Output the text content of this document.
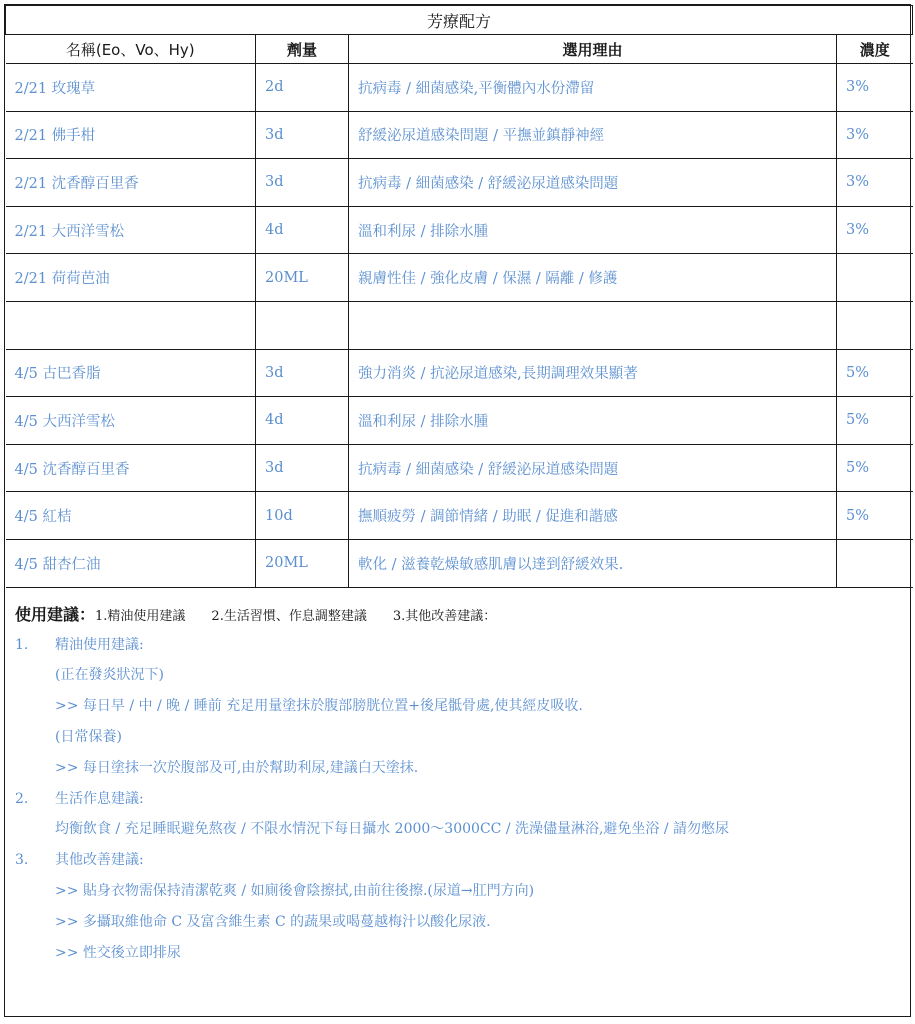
芳療配方			
名稱(Eo、Vo、Hy)	劑量	選用理由	濃度
2/21 玫瑰草	2d	抗病毒 / 細菌感染,平衡體內水份滯留	3%
2/21 佛手柑	3d	舒緩泌尿道感染問題 / 平撫並鎮靜神經	3%
2/21 沈香醇百里香	3d	抗病毒 / 細菌感染 / 舒緩泌尿道感染問題	3%
2/21 大西洋雪松	4d	溫和利尿 / 排除水腫	3%
2/21 荷荷芭油	20ML	親膚性佳 / 強化皮膚 / 保濕 / 隔離 / 修護	

4/5 古巴香脂	3d	強力消炎 / 抗泌尿道感染,長期調理效果顯著	5%
4/5 大西洋雪松	4d	溫和利尿 / 排除水腫	5%
4/5 沈香醇百里香	3d	抗病毒 / 細菌感染 / 舒緩泌尿道感染問題	5%
4/5 紅桔	10d	撫順疲勞 / 調節情緒 / 助眠 / 促進和諧感	5%
4/5 甜杏仁油	20ML	軟化 / 滋養乾燥敏感肌膚以達到舒緩效果.	
使用建議：1.精油使用建議 2.生活習慣、作息調整建議 3.其他改善建議：
1. 精油使用建議:
(正在發炎狀況下)
>> 每日早 / 中 / 晚 / 睡前 充足用量塗抹於腹部膀胱位置+後尾骶骨處,使其經皮吸收.
(日常保養)
>> 每日塗抹一次於腹部及可,由於幫助利尿,建議白天塗抹.
2. 生活作息建議:
均衡飲食 / 充足睡眠避免熬夜 / 不限水情況下每日攝水 2000～3000CC / 洗澡儘量淋浴,避免坐浴 / 請勿憋尿
3. 其他改善建議:
>> 貼身衣物需保持清潔乾爽 / 如廁後會陰擦拭,由前往後擦.(尿道→肛門方向)
>> 多攝取維他命 C 及富含維生素 C 的蔬果或喝蔓越梅汁以酸化尿液.
>> 性交後立即排尿
